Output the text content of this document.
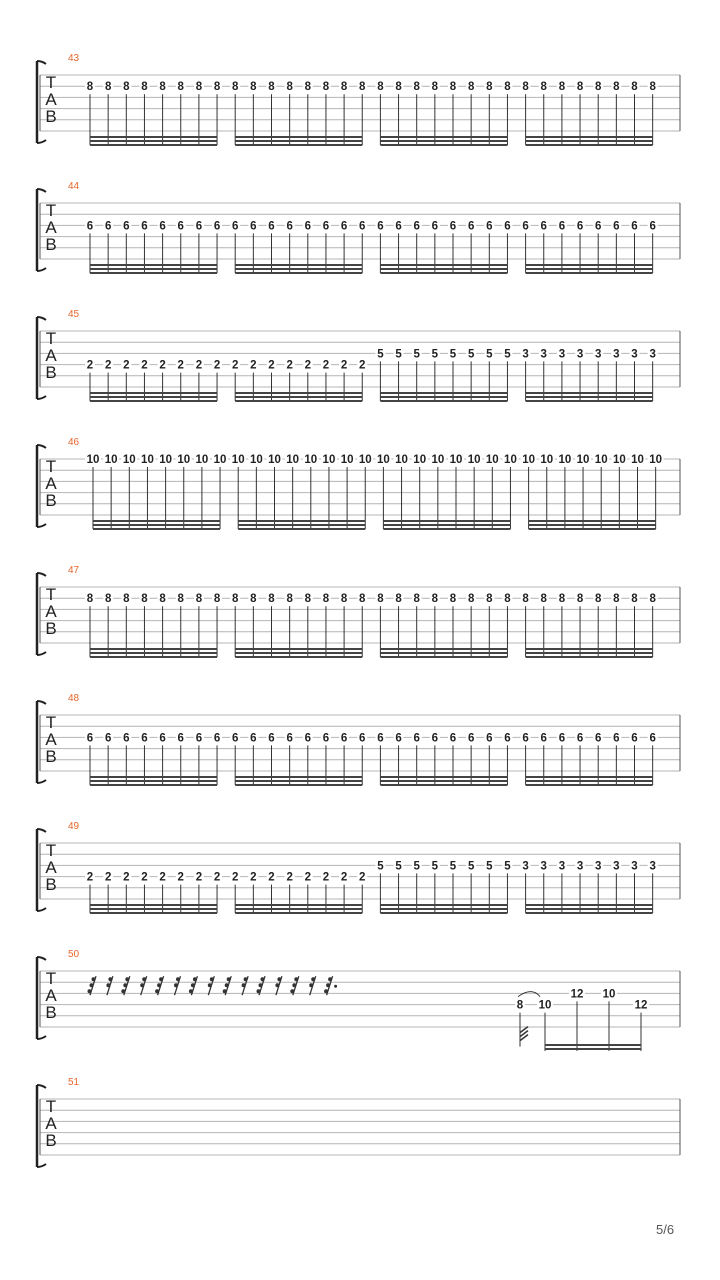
43
T
A
B
8 8 8 8 8 8 8 8 8 8 8 8 8 8 8 8 8 8 8 8 8 8 8 8 8 8 8 8 8 8 8 8
44
T
A
B
6 6 6 6 6 6 6 6 6 6 6 6 6 6 6 6 6 6 6 6 6 6 6 6 6 6 6 6 6 6 6 6
45
T
A
B	2 2 2 2 2 2 2 2 2 2 2 2 2 2 2 2
5 5 5 5 5 5 5 5 3 3 3 3 3 3 3 3
46
T
A
B
10 10 10 10 10 10 10 10 10 10 10 10 10 10 10 10 10 10 10 10 10 10 10 10 10 10 10 10 10 10 10 10
47
T
A
B
8 8 8 8 8 8 8 8 8 8 8 8 8 8 8 8 8 8 8 8 8 8 8 8 8 8 8 8 8 8 8 8
48
T
A
B
6 6 6 6 6 6 6 6 6 6 6 6 6 6 6 6 6 6 6 6 6 6 6 6 6 6 6 6 6 6 6 6
49
T
A
B	2 2 2 2 2 2 2 2 2 2 2 2 2 2 2 2
5 5 5 5 5 5 5 5 3 3 3 3 3 3 3 3
50
T
A
B	8 10
12 10
12
51
T
A
B
5/6
